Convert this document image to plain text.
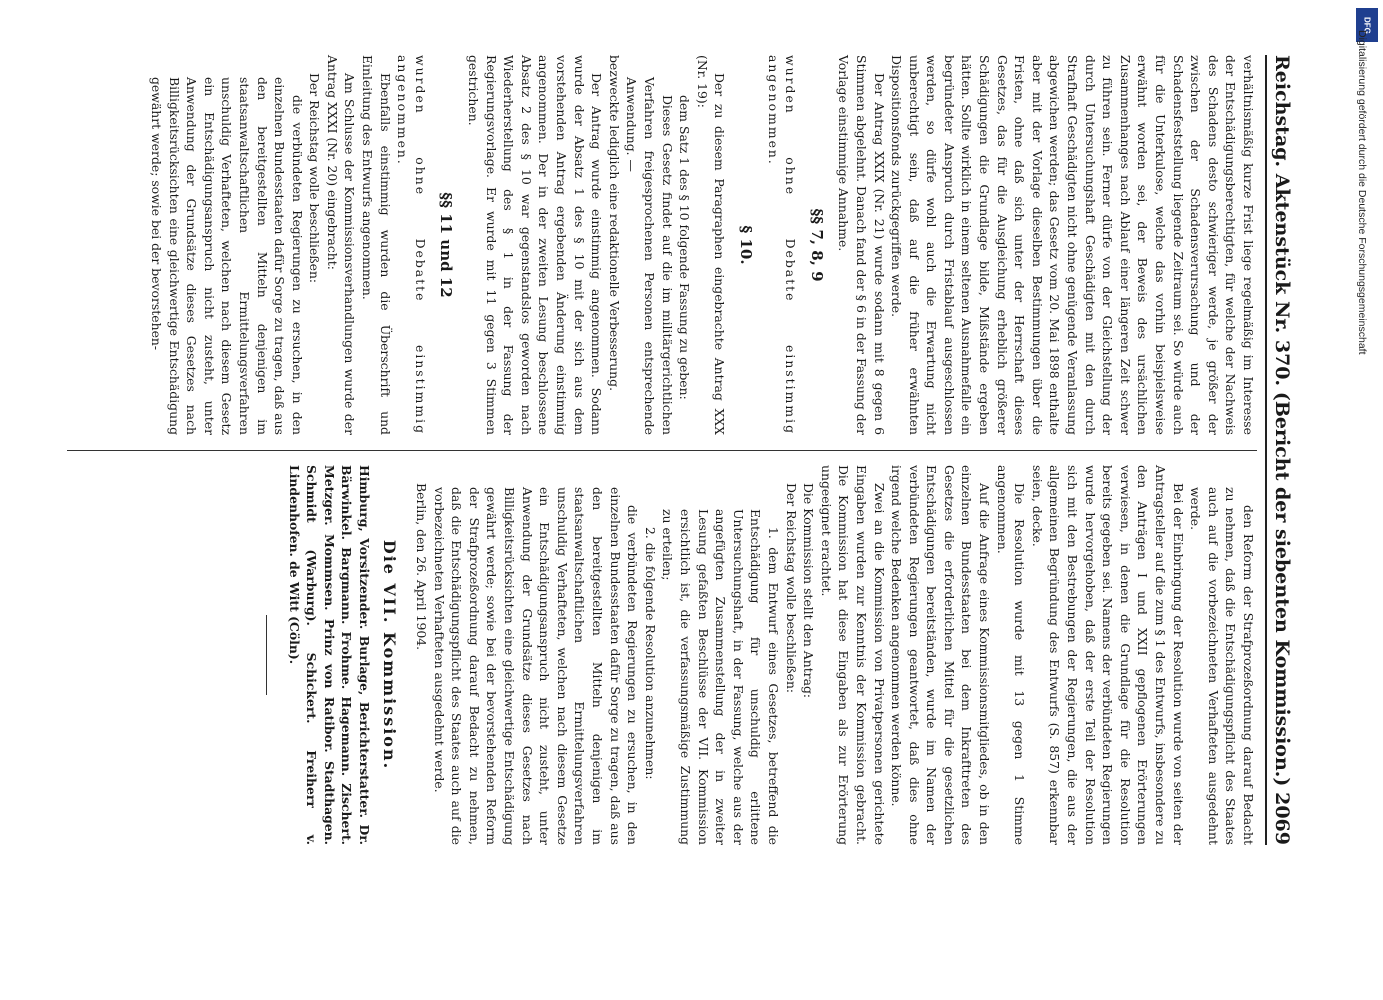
Reichstag. Aktenstück Nr. 370.
(Bericht der siebenten Kommission.)
2069

verhältnismäßig kurze Frist liege regelmäßig im Interesse der Entschädigungsberechtigten, für welche der Nachweis des Schadens desto schwieriger werde, je größer der zwischen der Schadensverursachung und der Schadensfeststellung liegende Zeitraum sei. So würde auch für die Unterkulose, welche das vorhin beispielsweise erwähnt worden sei, der Beweis des ursächlichen Zusammenhanges nach Ablauf einer längeren Zeit schwer zu führen sein. Ferner dürfe von der Gleichstellung der durch Untersuchungshaft Geschädigten mit den durch Strafhaft Geschädigten nicht ohne genügende Veranlassung abgewichen werden; das Gesetz vom 20. Mai 1898 enthalte aber mit der Vorlage dieselben Bestimmungen über die Fristen, ohne daß sich unter der Herrschaft dieses Gesetzes, das für die Ausgleichung erheblich größerer Schädigungen die Grundlage bilde, Mißstände ergeben hätten. Sollte wirklich in einem seltenen Ausnahmefalle ein begründeter Anspruch durch Fristablauf ausgeschlossen werden, so dürfe wohl auch die Erwartung nicht unberechtigt sein, daß auf die früher erwähnten Dispositionsfonds zurückgegriffen werde.

Der Antrag XXIX (Nr. 21) wurde sodann mit 8 gegen 6 Stimmen abgelehnt. Danach fand der § 6 in der Fassung der Vorlage einstimmige Annahme.

§§ 7, 8, 9

wurden ohne Debatte einstimmig angenommen.

§ 10.

Der zu diesem Paragraphen eingebrachte Antrag XXX (Nr. 19):

dem Satz 1 des § 10 folgende Fassung zu geben:

Dieses Gesetz findet auf die im militärgerichtlichen Verfahren freigesprochenen Personen entsprechende Anwendung. —

bezweckte lediglich eine redaktionelle Verbesserung.

Der Antrag wurde einstimmig angenommen. Sodann wurde der Absatz 1 des § 10 mit der sich aus dem vorstehenden Antrag ergebenden Änderung einstimmig angenommen. Der in der zweiten Lesung beschlossene Absatz 2 des § 10 war gegenstandslos geworden nach Wiederherstellung des § 1 in der Fassung der Regierungsvorlage. Er wurde mit 11 gegen 3 Stimmen gestrichen.

§§ 11 und 12

wurden ohne Debatte einstimmig angenommen.

Ebenfalls einstimmig wurden die Überschrift und Einleitung des Entwurfs angenommen.

Am Schlusse der Kommissionsverhandlungen wurde der Antrag XXXI (Nr. 20) eingebracht:

Der Reichstag wolle beschließen:

die verbündeten Regierungen zu ersuchen, in den einzelnen Bundesstaaten dafür Sorge zu tragen, daß aus den bereitgestellten Mitteln denjenigen im staatsanwaltschaftlichen Ermittelungsverfahren unschuldig Verhafteten, welchen nach diesem Gesetz ein Entschädigungsanspruch nicht zusteht, unter Anwendung der Grundsätze dieses Gesetzes nach Billigkeitsrücksichten eine gleichwertige Entschädigung gewährt werde; sowie bei der bevorstehen-

den Reform der Strafprozeßordnung darauf Bedacht zu nehmen, daß die Entschädigungspflicht des Staates auch auf die vorbezeichneten Verhafteten ausgedehnt werde.

Bei der Einbringung der Resolution wurde von seiten der Antragsteller auf die zum § 1 des Entwurfs, insbesondere zu den Anträgen I und XXII gepflogenen Erörterungen verwiesen, in denen die Grundlage für die Resolution bereits gegeben sei. Namens der verbündeten Regierungen wurde hervorgehoben, daß der erste Teil der Resolution sich mit den Bestrebungen der Regierungen, die aus der allgemeinen Begründung des Entwurfs (S. 857) erkennbar seien, decke.

Die Resolution wurde mit 13 gegen 1 Stimme angenommen.

Auf die Anfrage eines Kommissionsmitgliedes, ob in den einzelnen Bundesstaaten bei dem Inkrafttreten des Gesetzes die erforderlichen Mittel für die gesetzlichen Entschädigungen bereitständen, wurde im Namen der verbündeten Regierungen geantwortet, daß dies ohne irgend welche Bedenken angenommen werden könne.

Zwei an die Kommission von Privatpersonen gerichtete Eingaben wurden zur Kenntnis der Kommission gebracht. Die Kommission hat diese Eingaben als zur Erörterung ungeeignet erachtet.

Die Kommission stellt den Antrag:

Der Reichstag wolle beschließen:

1. dem Entwurf eines Gesetzes, betreffend die Entschädigung für unschuldig erlittene Untersuchungshaft, in der Fassung, welche aus der angefügten Zusammenstellung der in zweiter Lesung gefaßten Beschlüsse der VII. Kommission ersichtlich ist, die verfassungsmäßige Zustimmung zu erteilen;

2. die folgende Resolution anzunehmen:

die verbündeten Regierungen zu ersuchen, in den einzelnen Bundesstaaten dafür Sorge zu tragen, daß aus den bereitgestellten Mitteln denjenigen im staatsanwaltschaftlichen Ermittelungsverfahren unschuldig Verhafteten, welchen nach diesem Gesetze ein Entschädigungsanspruch nicht zusteht, unter Anwendung der Grundsätze dieses Gesetzes nach Billigkeitsrücksichten eine gleichwertige Entschädigung gewährt werde; sowie bei der bevorstehenden Reform der Strafprozeßordnung darauf Bedacht zu nehmen, daß die Entschädigungspflicht des Staates auch auf die vorbezeichneten Verhafteten ausgedehnt werde.

Berlin, den 26. April 1904.

Die VII. Kommission.

Himburg, Vorsitzender. Burlage, Berichterstatter. Dr. Bärwinkel. Bargmann. Frohme. Hagemann. Zischert. Metzger. Mommsen. Prinz von Ratibor. Stadthagen. Schmidt (Warburg). Schickert. Freiherr v. Lindenhofen. de Witt (Cöln).

DFG
Digitalisierung gefördert durch die Deutsche Forschungsgemeinschaft
